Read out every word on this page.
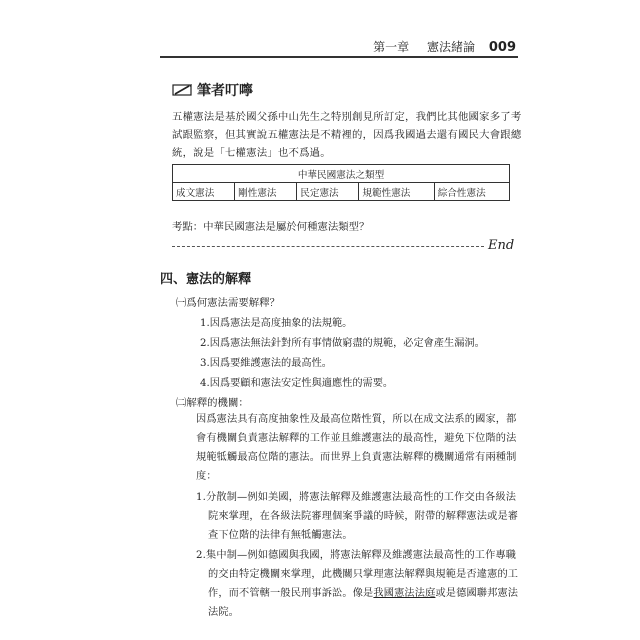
第一章 憲法緒論 009
筆者叮嚀
五權憲法是基於國父孫中山先生之特別創見所訂定，我們比其他國家多了考試跟監察，但其實說五權憲法是不精裡的，因爲我國過去還有國民大會跟總統，說是「七權憲法」也不爲過。
中華民國憲法之類型
成文憲法	剛性憲法	民定憲法	規範性憲法	綜合性憲法
考點：中華民國憲法是屬於何種憲法類型？
End
四、憲法的解釋
㈠爲何憲法需要解釋？
1.因爲憲法是高度抽象的法規範。
2.因爲憲法無法針對所有事情做窮盡的規範，必定會產生漏洞。
3.因爲要維護憲法的最高性。
4.因爲要顧和憲法安定性與適應性的需要。
㈡解釋的機關：
因爲憲法具有高度抽象性及最高位階性質，所以在成文法系的國家，都會有機關負責憲法解釋的工作並且維護憲法的最高性，避免下位階的法規範牴觸最高位階的憲法。而世界上負責憲法解釋的機關通常有兩種制度：
1.分散制—例如美國，將憲法解釋及維護憲法最高性的工作交由各級法院來掌理，在各級法院審理個案爭議的時候，附帶的解釋憲法或是審查下位階的法律有無牴觸憲法。
2.集中制—例如德國與我國，將憲法解釋及維護憲法最高性的工作專職的交由特定機關來掌理，此機關只掌理憲法解釋與規範是否違憲的工作，而不管轄一般民刑事訴訟。像是我國憲法法庭或是德國聯邦憲法法院。
